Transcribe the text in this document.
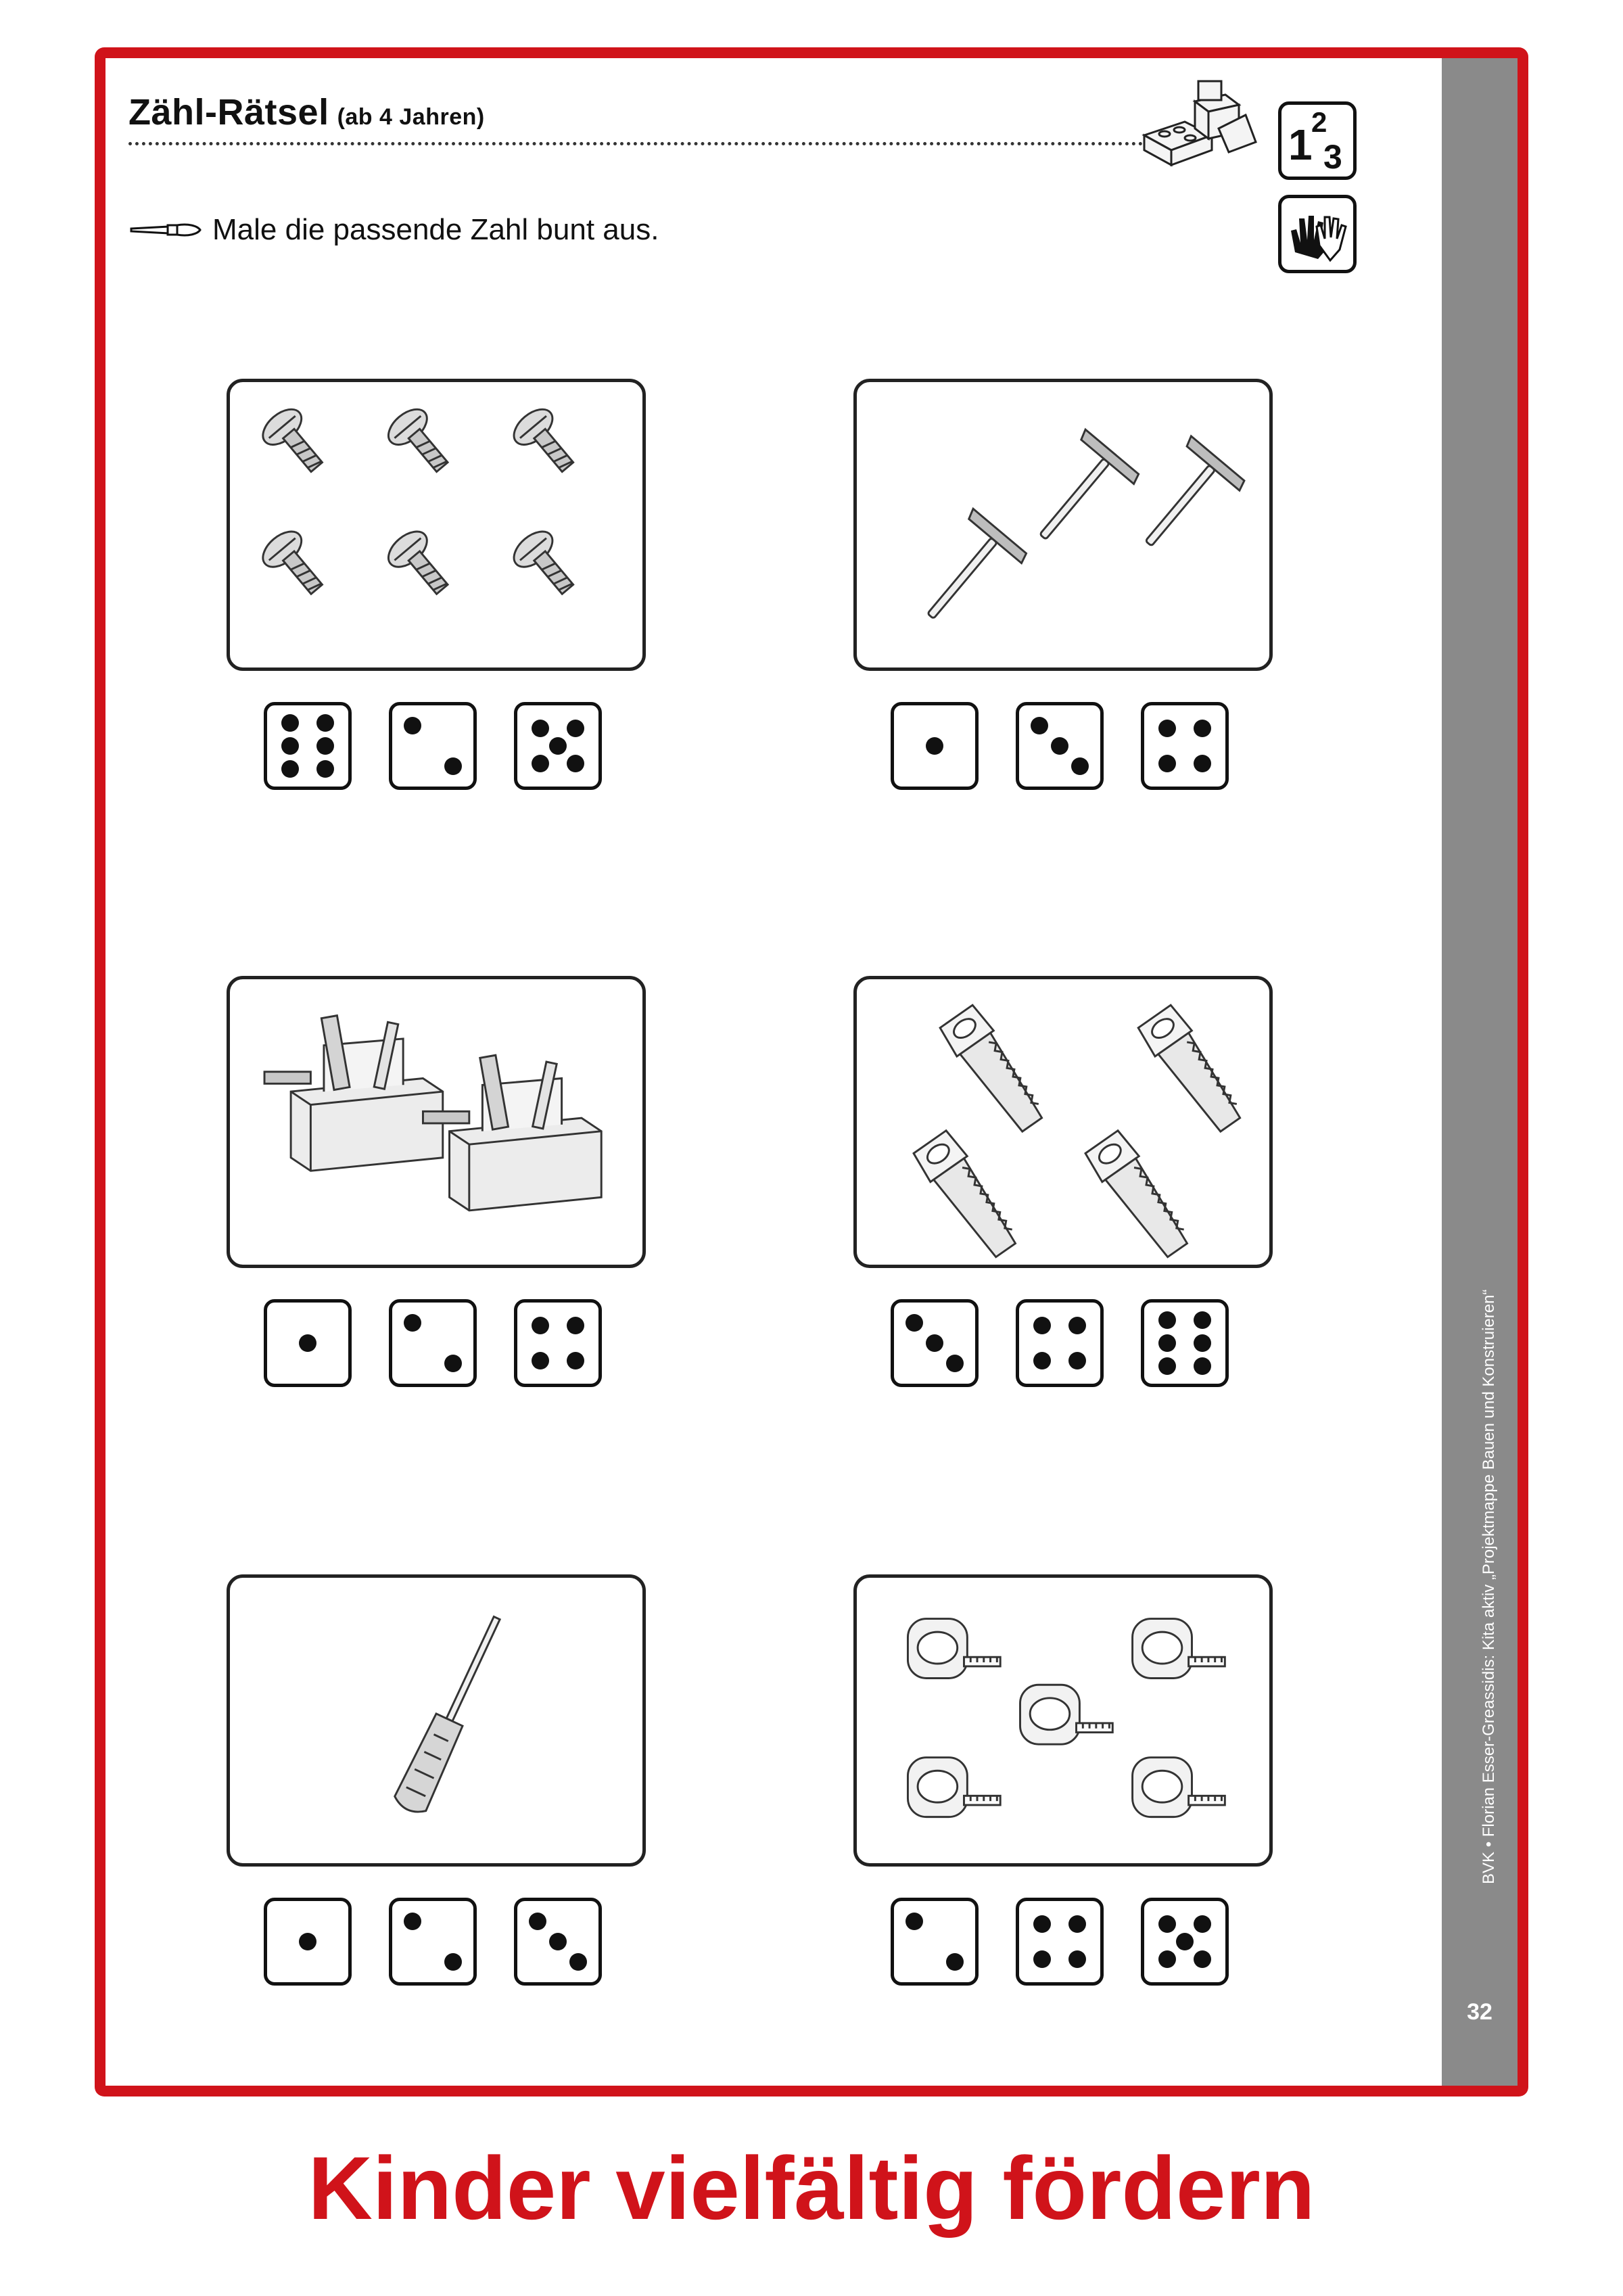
BVK • Florian Esser-Greassidis: Kita aktiv „Projektmappe Bauen und Konstruieren“
32
Zähl-Rätsel (ab 4 Jahren)
Male die passende Zahl bunt aus.
1
2
3
Kinder vielfältig fördern
